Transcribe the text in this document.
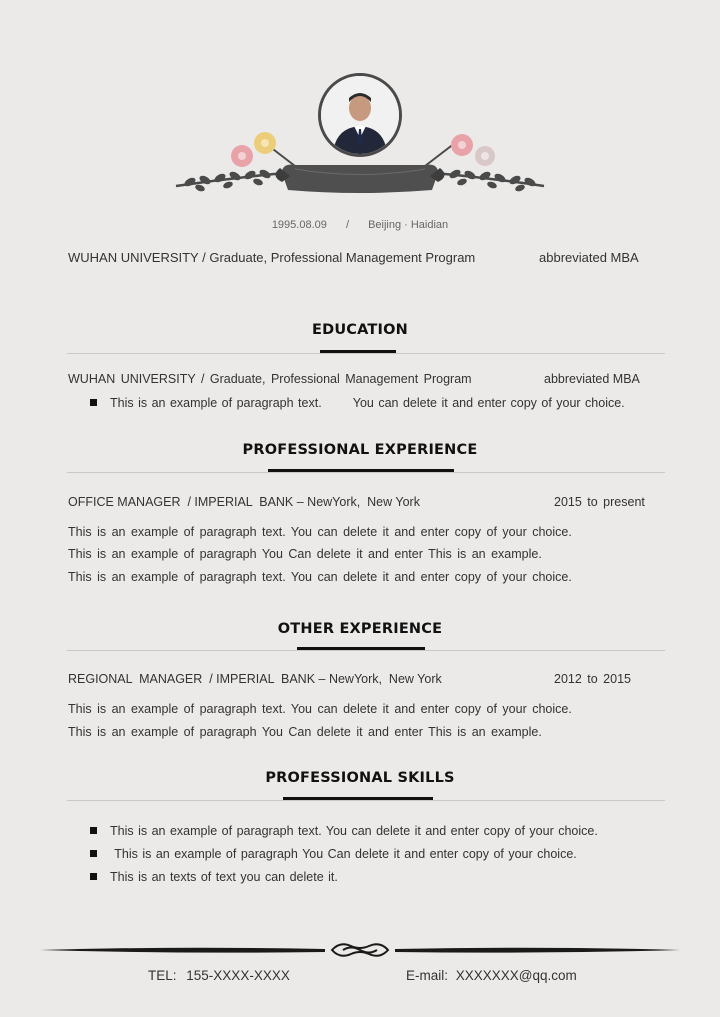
1995.08.09 / Beijing · Haidian
WUHAN UNIVERSITY / Graduate, Professional Management Program	abbreviated MBA
EDUCATION
WUHAN UNIVERSITY / Graduate, Professional Management Program	abbreviated MBA
This is an example of paragraph text.       You can delete it and enter copy of your choice.
PROFESSIONAL EXPERIENCE
OFFICE MANAGER  / IMPERIAL  BANK – NewYork,  New York	2015 to present
This is an example of paragraph text. You can delete it and enter copy of your choice.
This is an example of paragraph You Can delete it and enter This is an example.
This is an example of paragraph text. You can delete it and enter copy of your choice.
OTHER EXPERIENCE
REGIONAL  MANAGER  / IMPERIAL  BANK – NewYork,  New York	2012 to 2015
This is an example of paragraph text. You can delete it and enter copy of your choice.
This is an example of paragraph You Can delete it and enter This is an example.
PROFESSIONAL SKILLS
This is an example of paragraph text. You can delete it and enter copy of your choice.
This is an example of paragraph You Can delete it and enter copy of your choice.
This is an texts of text you can delete it.
TEL: 155-XXXX-XXXX	E-mail: XXXXXXX@qq.com
